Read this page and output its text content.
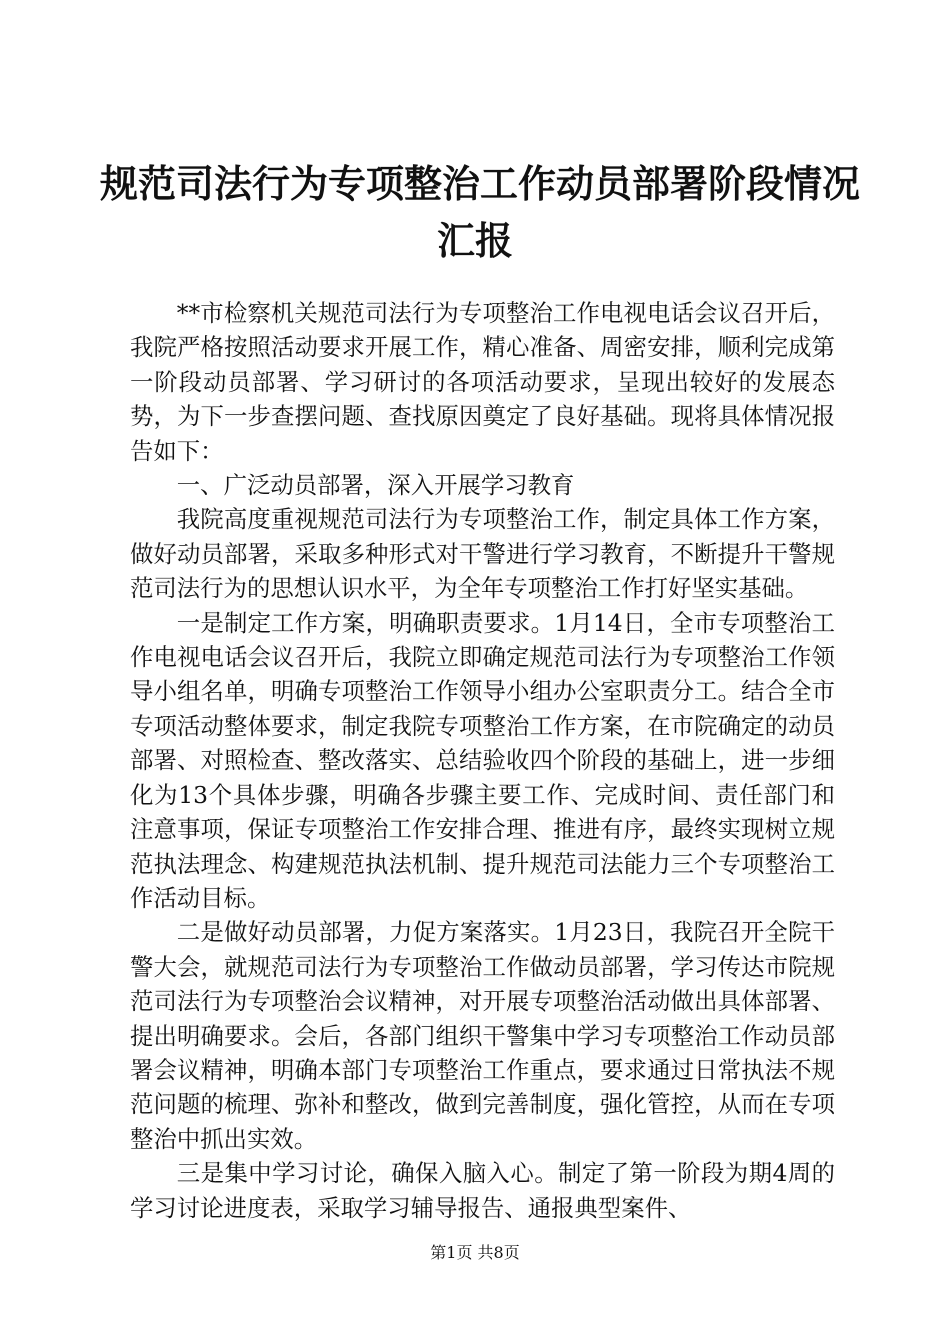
规范司法行为专项整治工作动员部署阶段情况
汇报

**市检察机关规范司法行为专项整治工作电视电话会议召开后，我院严格按照活动要求开展工作，精心准备、周密安排，顺利完成第一阶段动员部署、学习研讨的各项活动要求，呈现出较好的发展态势，为下一步查摆问题、查找原因奠定了良好基础。现将具体情况报告如下：

一、广泛动员部署，深入开展学习教育

我院高度重视规范司法行为专项整治工作，制定具体工作方案，做好动员部署，采取多种形式对干警进行学习教育，不断提升干警规范司法行为的思想认识水平，为全年专项整治工作打好坚实基础。

一是制定工作方案，明确职责要求。1月14日，全市专项整治工作电视电话会议召开后，我院立即确定规范司法行为专项整治工作领导小组名单，明确专项整治工作领导小组办公室职责分工。结合全市专项活动整体要求，制定我院专项整治工作方案，在市院确定的动员部署、对照检查、整改落实、总结验收四个阶段的基础上，进一步细化为13个具体步骤，明确各步骤主要工作、完成时间、责任部门和注意事项，保证专项整治工作安排合理、推进有序，最终实现树立规范执法理念、构建规范执法机制、提升规范司法能力三个专项整治工作活动目标。

二是做好动员部署，力促方案落实。1月23日，我院召开全院干警大会，就规范司法行为专项整治工作做动员部署，学习传达市院规范司法行为专项整治会议精神，对开展专项整治活动做出具体部署、提出明确要求。会后，各部门组织干警集中学习专项整治工作动员部署会议精神，明确本部门专项整治工作重点，要求通过日常执法不规范问题的梳理、弥补和整改，做到完善制度，强化管控，从而在专项整治中抓出实效。

三是集中学习讨论，确保入脑入心。制定了第一阶段为期4周的学习讨论进度表，采取学习辅导报告、通报典型案件、

第1页 共8页
